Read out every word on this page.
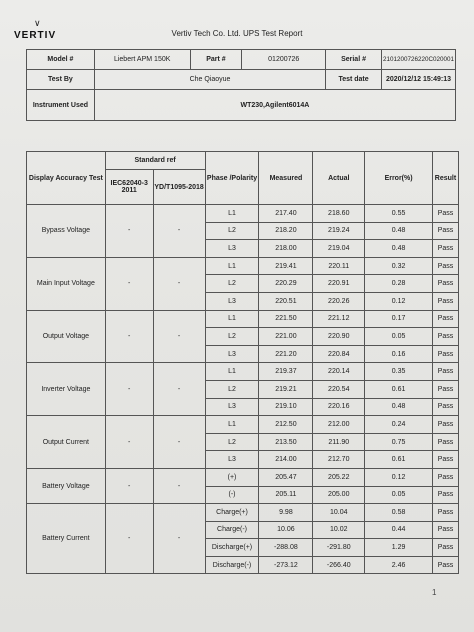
∨
VERTIV	Vertiv Tech Co. Ltd. UPS Test Report
Model #	Liebert APM 150K	Part #	01200726	Serial #	2101200726220C020001
Test By	Che Qiaoyue			Test date	2020/12/12 15:49:13
Instrument Used	WT230,Agilent6014A				
Display Accuracy Test	Standard ref		Phase /Polarity	Measured	Actual	Error(%)	Result
	IEC62040-3 2011	YD/T1095-2018					
Bypass Voltage	-	-	L1	217.40	218.60	0.55	Pass
			L2	218.20	219.24	0.48	Pass
			L3	218.00	219.04	0.48	Pass
Main Input Voltage	-	-	L1	219.41	220.11	0.32	Pass
			L2	220.29	220.91	0.28	Pass
			L3	220.51	220.26	0.12	Pass
Output Voltage	-	-	L1	221.50	221.12	0.17	Pass
			L2	221.00	220.90	0.05	Pass
			L3	221.20	220.84	0.16	Pass
Inverter Voltage	-	-	L1	219.37	220.14	0.35	Pass
			L2	219.21	220.54	0.61	Pass
			L3	219.10	220.16	0.48	Pass
Output Current	-	-	L1	212.50	212.00	0.24	Pass
			L2	213.50	211.90	0.75	Pass
			L3	214.00	212.70	0.61	Pass
Battery Voltage	-	-	(+)	205.47	205.22	0.12	Pass
			(-)	205.11	205.00	0.05	Pass
Battery Current	-	-	Charge(+)	9.98	10.04	0.58	Pass
			Charge(-)	10.06	10.02	0.44	Pass
			Discharge(+)	-288.08	-291.80	1.29	Pass
			Discharge(-)	-273.12	-266.40	2.46	Pass
1
